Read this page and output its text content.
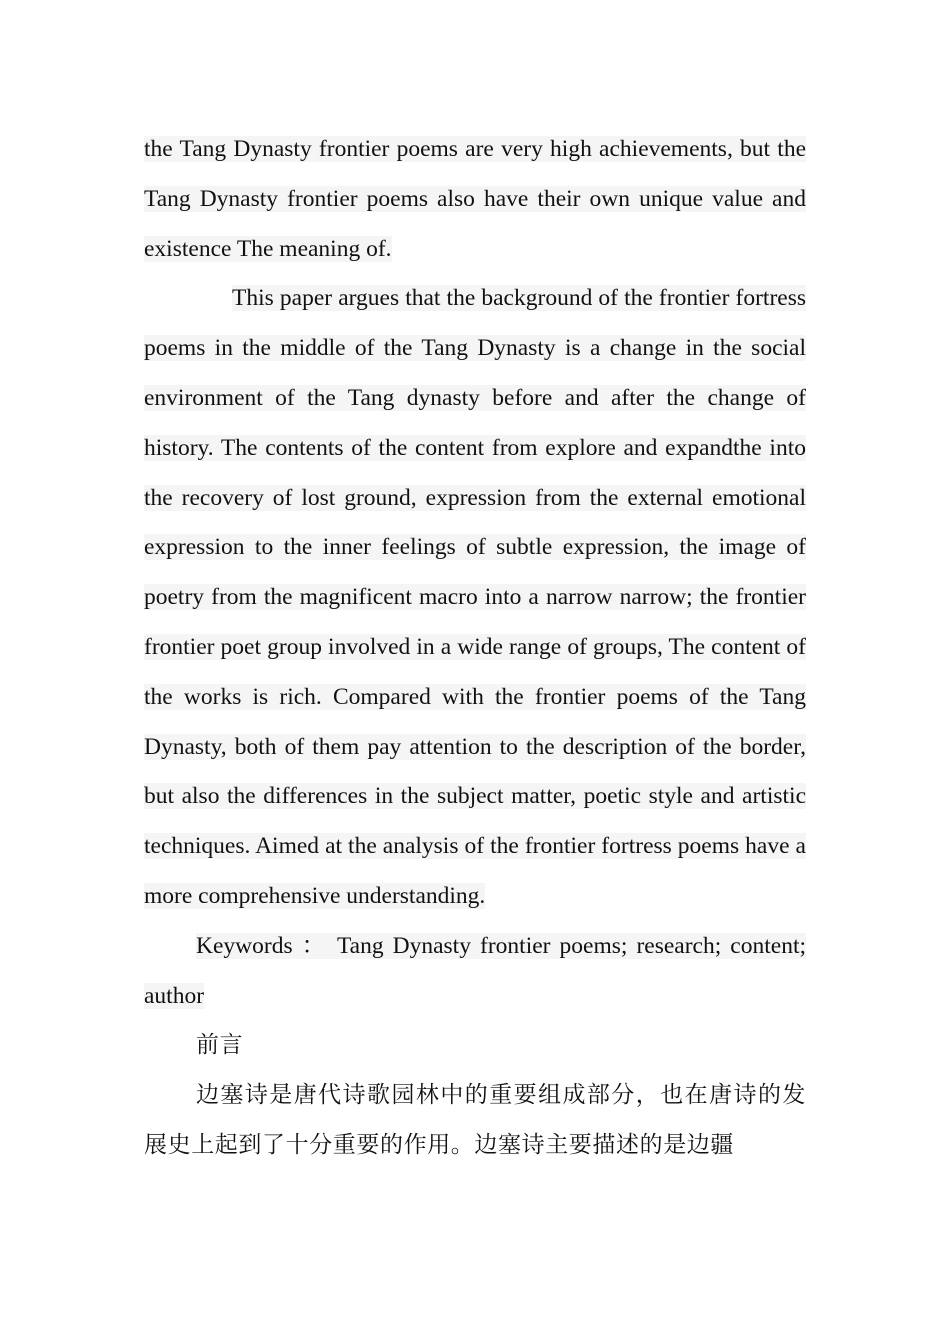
the Tang Dynasty frontier poems are very high achievements, but the Tang Dynasty frontier poems also have their own unique value and existence The meaning of.

This paper argues that the background of the frontier fortress poems in the middle of the Tang Dynasty is a change in the social environment of the Tang dynasty before and after the change of history. The contents of the content from explore and expandthe into the recovery of lost ground, expression from the external emotional expression to the inner feelings of subtle expression, the image of poetry from the magnificent macro into a narrow narrow; the frontier frontier poet group involved in a wide range of groups, The content of the works is rich. Compared with the frontier poems of the Tang Dynasty, both of them pay attention to the description of the border, but also the differences in the subject matter, poetic style and artistic techniques. Aimed at the analysis of the frontier fortress poems have a more comprehensive understanding.

Keywords ： Tang Dynasty frontier poems; research; content; author

前言

边塞诗是唐代诗歌园林中的重要组成部分，也在唐诗的发展史上起到了十分重要的作用。边塞诗主要描述的是边疆
